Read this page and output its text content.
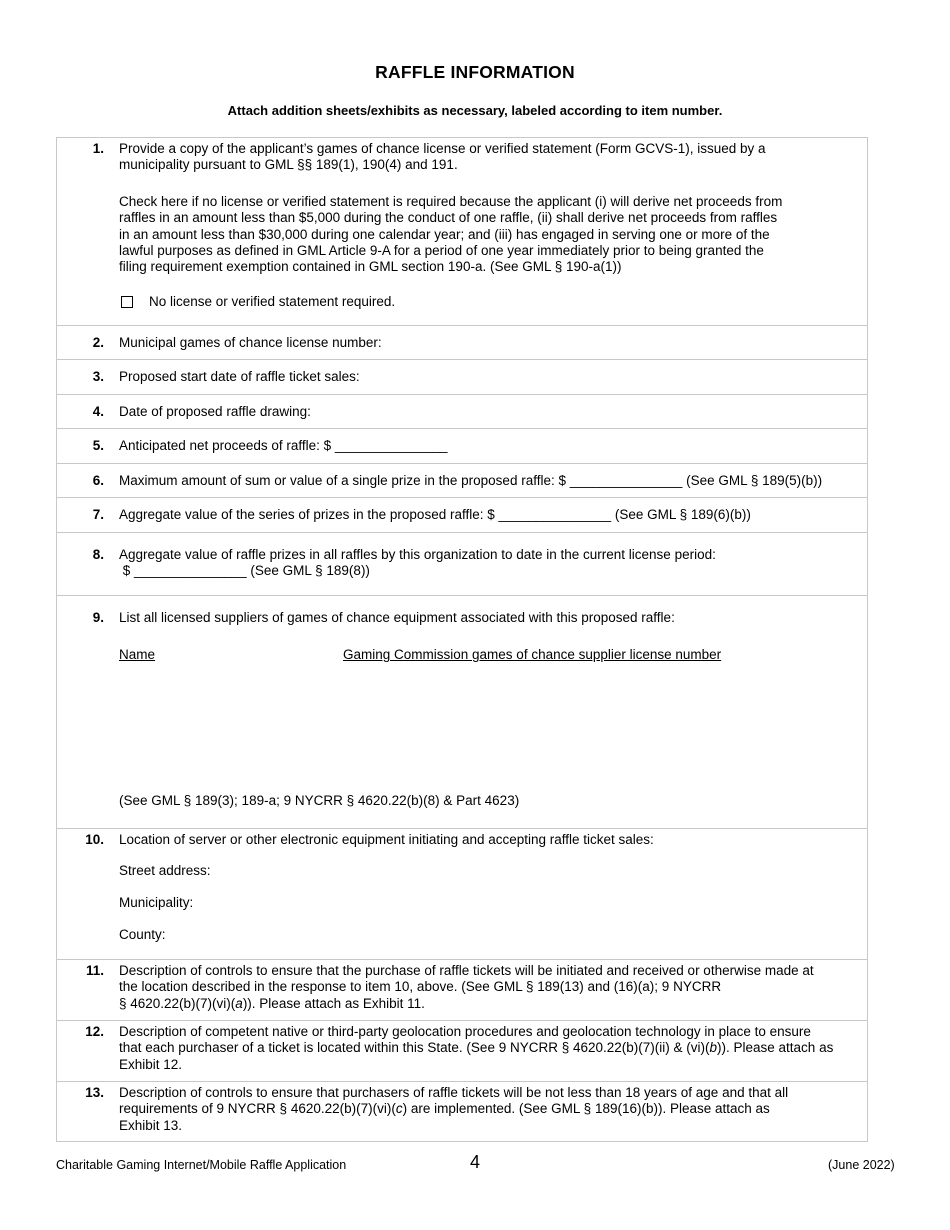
RAFFLE INFORMATION
Attach addition sheets/exhibits as necessary, labeled according to item number.
1. Provide a copy of the applicant’s games of chance license or verified statement (Form GCVS-1), issued by a
municipality pursuant to GML §§ 189(1), 190(4) and 191.
Check here if no license or verified statement is required because the applicant (i) will derive net proceeds from
raffles in an amount less than $5,000 during the conduct of one raffle, (ii) shall derive net proceeds from raffles
in an amount less than $30,000 during one calendar year; and (iii) has engaged in serving one or more of the
lawful purposes as defined in GML Article 9-A for a period of one year immediately prior to being granted the
filing requirement exemption contained in GML section 190-a. (See GML § 190-a(1))
No license or verified statement required.
2. Municipal games of chance license number:
3. Proposed start date of raffle ticket sales:
4. Date of proposed raffle drawing:
5. Anticipated net proceeds of raffle: $ _______________
6. Maximum amount of sum or value of a single prize in the proposed raffle: $ _______________ (See GML § 189(5)(b))
7. Aggregate value of the series of prizes in the proposed raffle: $ _______________ (See GML § 189(6)(b))
8. Aggregate value of raffle prizes in all raffles by this organization to date in the current license period:
$ _______________ (See GML § 189(8))
9. List all licensed suppliers of games of chance equipment associated with this proposed raffle:
Name	Gaming Commission games of chance supplier license number
(See GML § 189(3); 189-a; 9 NYCRR § 4620.22(b)(8) & Part 4623)
10. Location of server or other electronic equipment initiating and accepting raffle ticket sales:
Street address:
Municipality:
County:
11. Description of controls to ensure that the purchase of raffle tickets will be initiated and received or otherwise made at
the location described in the response to item 10, above. (See GML § 189(13) and (16)(a); 9 NYCRR
§ 4620.22(b)(7)(vi)(a)). Please attach as Exhibit 11.
12. Description of competent native or third-party geolocation procedures and geolocation technology in place to ensure
that each purchaser of a ticket is located within this State. (See 9 NYCRR § 4620.22(b)(7)(ii) & (vi)(b)). Please attach as
Exhibit 12.
13. Description of controls to ensure that purchasers of raffle tickets will be not less than 18 years of age and that all
requirements of 9 NYCRR § 4620.22(b)(7)(vi)(c) are implemented. (See GML § 189(16)(b)). Please attach as
Exhibit 13.
Charitable Gaming Internet/Mobile Raffle Application	4	(June 2022)
